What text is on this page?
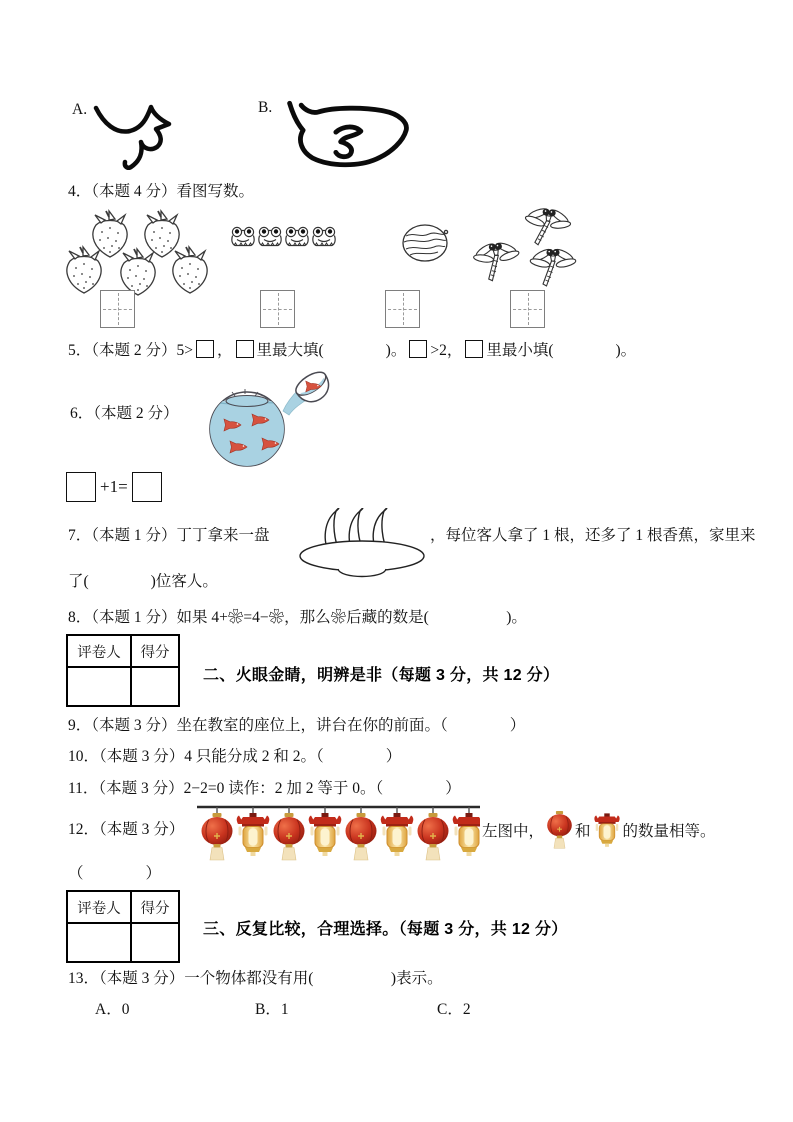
A.	B.
4．（本题 4 分）看图写数。
5．（本题 2 分）5> ， 里最大填(　　　　)。 >2， 里最小填(　　　　)。
6．（本题 2 分）
+1=
7．（本题 1 分）丁丁拿来一盘	，每位客人拿了 1 根，还多了 1 根香蕉，家里来
了(　　　　)位客人。
8．（本题 1 分）如果 4+❀=4−❀，那么❀后藏的数是(　　　　　)。
评卷人	得分

二、火眼金睛，明辨是非（每题 3 分，共 12 分）
9．（本题 3 分）坐在教室的座位上，讲台在你的前面。（　　　　）
10．（本题 3 分）4 只能分成 2 和 2。（　　　　）
11．（本题 3 分）2−2=0 读作：2 加 2 等于 0。（　　　　）
12．（本题 3 分）	左图中， 和 的数量相等。
（　　　　）
评卷人	得分

三、反复比较，合理选择。（每题 3 分，共 12 分）
13．（本题 3 分）一个物体都没有用(　　　　　)表示。
A．0	B．1	C．2
